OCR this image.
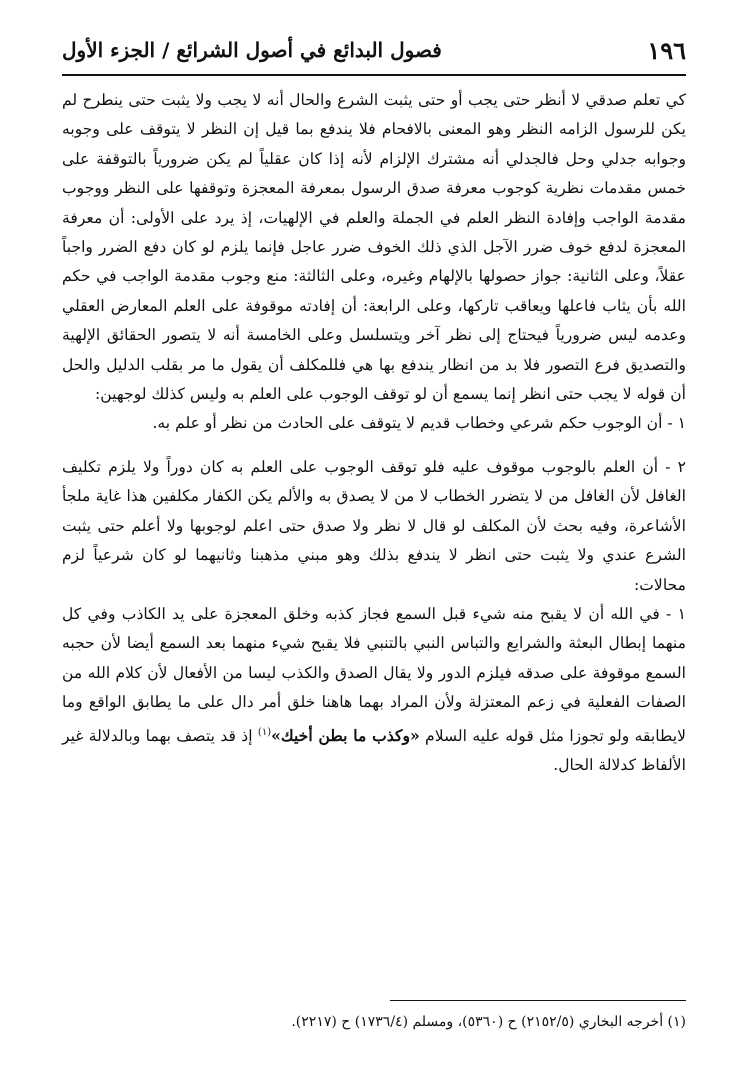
١٩٦
فصول البدائع في أصول الشرائع / الجزء الأول

كي تعلم صدقي لا أنظر حتى يجب أو حتى يثبت الشرع والحال أنه لا يجب ولا يثبت حتى ينطرح لم يكن للرسول الزامه النظر وهو المعنى بالافحام فلا يندفع بما قيل إن النظر لا يتوقف على وجوبه وجوابه جدلي وحل فالجدلي أنه مشترك الإلزام لأنه إذا كان عقلياً لم يكن ضرورياً بالتوقفة على خمس مقدمات نظرية كوجوب معرفة صدق الرسول بمعرفة المعجزة وتوقفها على النظر ووجوب مقدمة الواجب وإفادة النظر العلم في الجملة والعلم في الإلهيات، إذ يرد على الأولى: أن معرفة المعجزة لدفع خوف ضرر الآجل الذي ذلك الخوف ضرر عاجل فإنما يلزم لو كان دفع الضرر واجباً عقلاً، وعلى الثانية: جواز حصولها بالإلهام وغيره، وعلى الثالثة: منع وجوب مقدمة الواجب في حكم الله بأن يثاب فاعلها ويعاقب تاركها، وعلى الرابعة: أن إفادته موقوفة على العلم المعارض العقلي وعدمه ليس ضرورياً فيحتاج إلى نظر آخر ويتسلسل وعلى الخامسة أنه لا يتصور الحقائق الإلهية والتصديق فرع التصور فلا بد من انظار يندفع بها هي فللمكلف أن يقول ما مر بقلب الدليل والحل أن قوله لا يجب حتى انظر إنما يسمع أن لو توقف الوجوب على العلم به وليس كذلك لوجهين:

١ - أن الوجوب حكم شرعي وخطاب قديم لا يتوقف على الحادث من نظر أو علم به.

٢ - أن العلم بالوجوب موقوف عليه فلو توقف الوجوب على العلم به كان دوراً ولا يلزم تكليف الغافل لأن الغافل من لا يتضرر الخطاب لا من لا يصدق به والألم يكن الكفار مكلفين هذا غاية ملجأ الأشاعرة، وفيه بحث لأن المكلف لو قال لا نظر ولا صدق حتى اعلم لوجوبها ولا أعلم حتى يثبت الشرع عندي ولا يثبت حتى انظر لا يندفع بذلك وهو مبني مذهبنا وثانيهما لو كان شرعياً لزم محالات:

١ - في الله أن لا يقبح منه شيء قبل السمع فجاز كذبه وخلق المعجزة على يد الكاذب وفي كل منهما إبطال البعثة والشرايع والتباس النبي بالتنبي فلا يقبح شيء منهما بعد السمع أيضا لأن حجبه السمع موقوفة على صدقه فيلزم الدور ولا يقال الصدق والكذب ليسا من الأفعال لأن كلام الله من الصفات الفعلية في زعم المعتزلة ولأن المراد بهما هاهنا خلق أمر دال على ما يطابق الواقع وما لايطابقه ولو تجوزا مثل قوله عليه السلام «وكذب ما بطن أخيك»$^{(١)}$ إذ قد يتصف بهما وبالدلالة غير الألفاظ كدلالة الحال.

(١) أخرجه البخاري (٢١٥٢/٥) ح (٥٣٦٠)، ومسلم (١٧٣٦/٤) ح (٢٢١٧).
